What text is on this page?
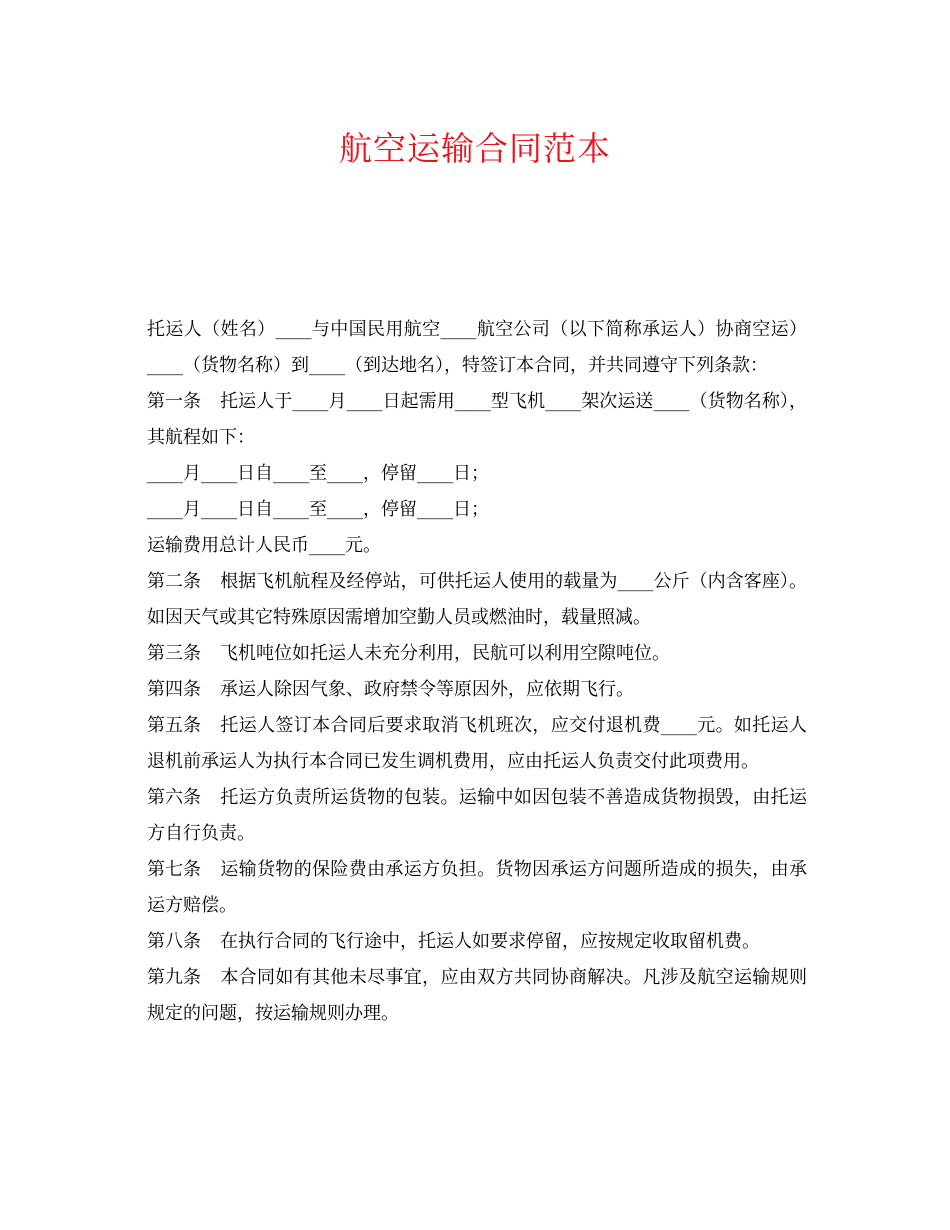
航空运输合同范本

托运人（姓名）____与中国民用航空____航空公司（以下简称承运人）协商空运）____（货物名称）到____（到达地名），特签订本合同，并共同遵守下列条款：

第一条 托运人于____月____日起需用____型飞机____架次运送____（货物名称），其航程如下：

____月____日自____至____，停留____日；

____月____日自____至____，停留____日；

运输费用总计人民币____元。

第二条 根据飞机航程及经停站，可供托运人使用的载量为____公斤（内含客座）。如因天气或其它特殊原因需增加空勤人员或燃油时，载量照减。

第三条 飞机吨位如托运人未充分利用，民航可以利用空隙吨位。

第四条 承运人除因气象、政府禁令等原因外，应依期飞行。

第五条 托运人签订本合同后要求取消飞机班次，应交付退机费____元。如托运人退机前承运人为执行本合同已发生调机费用，应由托运人负责交付此项费用。

第六条 托运方负责所运货物的包装。运输中如因包装不善造成货物损毁，由托运方自行负责。

第七条 运输货物的保险费由承运方负担。货物因承运方问题所造成的损失，由承运方赔偿。

第八条 在执行合同的飞行途中，托运人如要求停留，应按规定收取留机费。

第九条 本合同如有其他未尽事宜，应由双方共同协商解决。凡涉及航空运输规则规定的问题，按运输规则办理。
